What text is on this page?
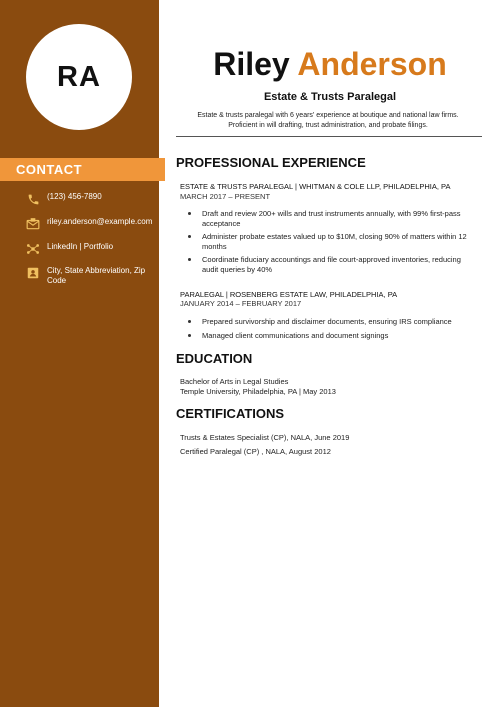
RA
CONTACT
(123) 456-7890
riley.anderson@example.com
LinkedIn | Portfolio
City, State Abbreviation, Zip
Code
Riley Anderson
Estate & Trusts Paralegal
Estate & trusts paralegal with 6 years' experience at boutique and national law firms.
Proficient in will drafting, trust administration, and probate filings.
PROFESSIONAL EXPERIENCE
ESTATE & TRUSTS PARALEGAL | WHITMAN & COLE LLP, PHILADELPHIA, PA
MARCH 2017 – PRESENT
Draft and review 200+ wills and trust instruments annually, with 99% first-pass
acceptance
Administer probate estates valued up to $10M, closing 90% of matters within 12
months
Coordinate fiduciary accountings and file court-approved inventories, reducing
audit queries by 40%
PARALEGAL | ROSENBERG ESTATE LAW, PHILADELPHIA, PA
JANUARY 2014 – FEBRUARY 2017
Prepared survivorship and disclaimer documents, ensuring IRS compliance
Managed client communications and document signings
EDUCATION
Bachelor of Arts in Legal Studies
Temple University, Philadelphia, PA | May 2013
CERTIFICATIONS
Trusts & Estates Specialist (CP), NALA, June 2019
Certified Paralegal (CP) , NALA, August 2012
